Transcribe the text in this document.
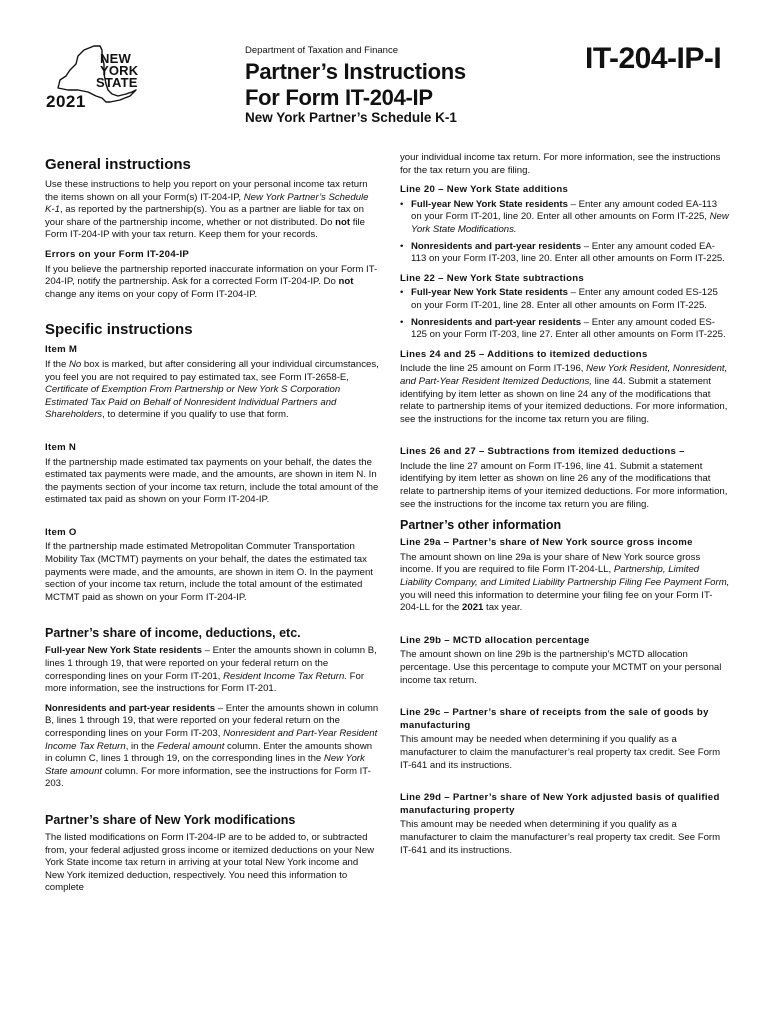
NEW
YORK
STATE
2021
Department of Taxation and Finance
Partner’s Instructions
For Form IT-204-IP
New York Partner’s Schedule K-1
IT-204-IP-I
General instructions

Use these instructions to help you report on your personal income tax return the items shown on all your Form(s) IT-204-IP, New York Partner’s Schedule K-1, as reported by the partnership(s). You as a partner are liable for tax on your share of the partnership income, whether or not distributed. Do not file Form IT-204-IP with your tax return. Keep them for your records.

Errors on your Form IT-204-IP

If you believe the partnership reported inaccurate information on your Form IT-204-IP, notify the partnership. Ask for a corrected Form IT-204-IP. Do not change any items on your copy of Form IT-204-IP.

Specific instructions
Item M

If the No box is marked, but after considering all your individual circumstances, you feel you are not required to pay estimated tax, see Form IT-2658-E, Certificate of Exemption From Partnership or New York S Corporation Estimated Tax Paid on Behalf of Nonresident Individual Partners and Shareholders, to determine if you qualify to use that form.

Item N

If the partnership made estimated tax payments on your behalf, the dates the estimated tax payments were made, and the amounts, are shown in item N. In the payments section of your income tax return, include the total amount of the estimated tax paid as shown on your Form IT-204-IP.

Item O

If the partnership made estimated Metropolitan Commuter Transportation Mobility Tax (MCTMT) payments on your behalf, the dates the estimated tax payments were made, and the amounts, are shown in item O. In the payment section of your income tax return, include the total amount of the estimated MCTMT paid as shown on your Form IT-204-IP.

Partner’s share of income, deductions, etc.

Full-year New York State residents – Enter the amounts shown in column B, lines 1 through 19, that were reported on your federal return on the corresponding lines on your Form IT-201, Resident Income Tax Return. For more information, see the instructions for Form IT-201.

Nonresidents and part-year residents – Enter the amounts shown in column B, lines 1 through 19, that were reported on your federal return on the corresponding lines on your Form IT-203, Nonresident and Part-Year Resident Income Tax Return, in the Federal amount column. Enter the amounts shown in column C, lines 1 through 19, on the corresponding lines in the New York State amount column. For more information, see the instructions for Form IT-203.

Partner’s share of New York modifications

The listed modifications on Form IT-204-IP are to be added to, or subtracted from, your federal adjusted gross income or itemized deductions on your New York State income tax return in arriving at your total New York income and New York itemized deduction, respectively. You need this information to complete

your individual income tax return. For more information, see the instructions for the tax return you are filing.

Line 20 – New York State additions
• Full-year New York State residents – Enter any amount coded EA-113 on your Form IT-201, line 20. Enter all other amounts on Form IT-225, New York State Modifications.
• Nonresidents and part-year residents – Enter any amount coded EA-113 on your Form IT-203, line 20. Enter all other amounts on Form IT-225.
Line 22 – New York State subtractions
• Full-year New York State residents – Enter any amount coded ES-125 on your Form IT-201, line 28. Enter all other amounts on Form IT-225.
• Nonresidents and part-year residents – Enter any amount coded ES-125 on your Form IT-203, line 27. Enter all other amounts on Form IT-225.
Lines 24 and 25 – Additions to itemized deductions

Include the line 25 amount on Form IT-196, New York Resident, Nonresident, and Part-Year Resident Itemized Deductions, line 44. Submit a statement identifying by item letter as shown on line 24 any of the modifications that relate to partnership items of your itemized deductions. For more information, see the instructions for the income tax return you are filing.

Lines 26 and 27 – Subtractions from itemized deductions –

Include the line 27 amount on Form IT-196, line 41. Submit a statement identifying by item letter as shown on line 26 any of the modifications that relate to partnership items of your itemized deductions. For more information, see the instructions for the income tax return you are filing.

Partner’s other information
Line 29a – Partner’s share of New York source gross income

The amount shown on line 29a is your share of New York source gross income. If you are required to file Form IT-204-LL, Partnership, Limited Liability Company, and Limited Liability Partnership Filing Fee Payment Form, you will need this information to determine your filing fee on your Form IT-204-LL for the 2021 tax year.

Line 29b – MCTD allocation percentage

The amount shown on line 29b is the partnership’s MCTD allocation percentage. Use this percentage to compute your MCTMT on your personal income tax return.

Line 29c – Partner’s share of receipts from the sale of goods by manufacturing

This amount may be needed when determining if you qualify as a manufacturer to claim the manufacturer’s real property tax credit. See Form IT-641 and its instructions.

Line 29d – Partner’s share of New York adjusted basis of qualified manufacturing property

This amount may be needed when determining if you qualify as a manufacturer to claim the manufacturer’s real property tax credit. See Form IT-641 and its instructions.
